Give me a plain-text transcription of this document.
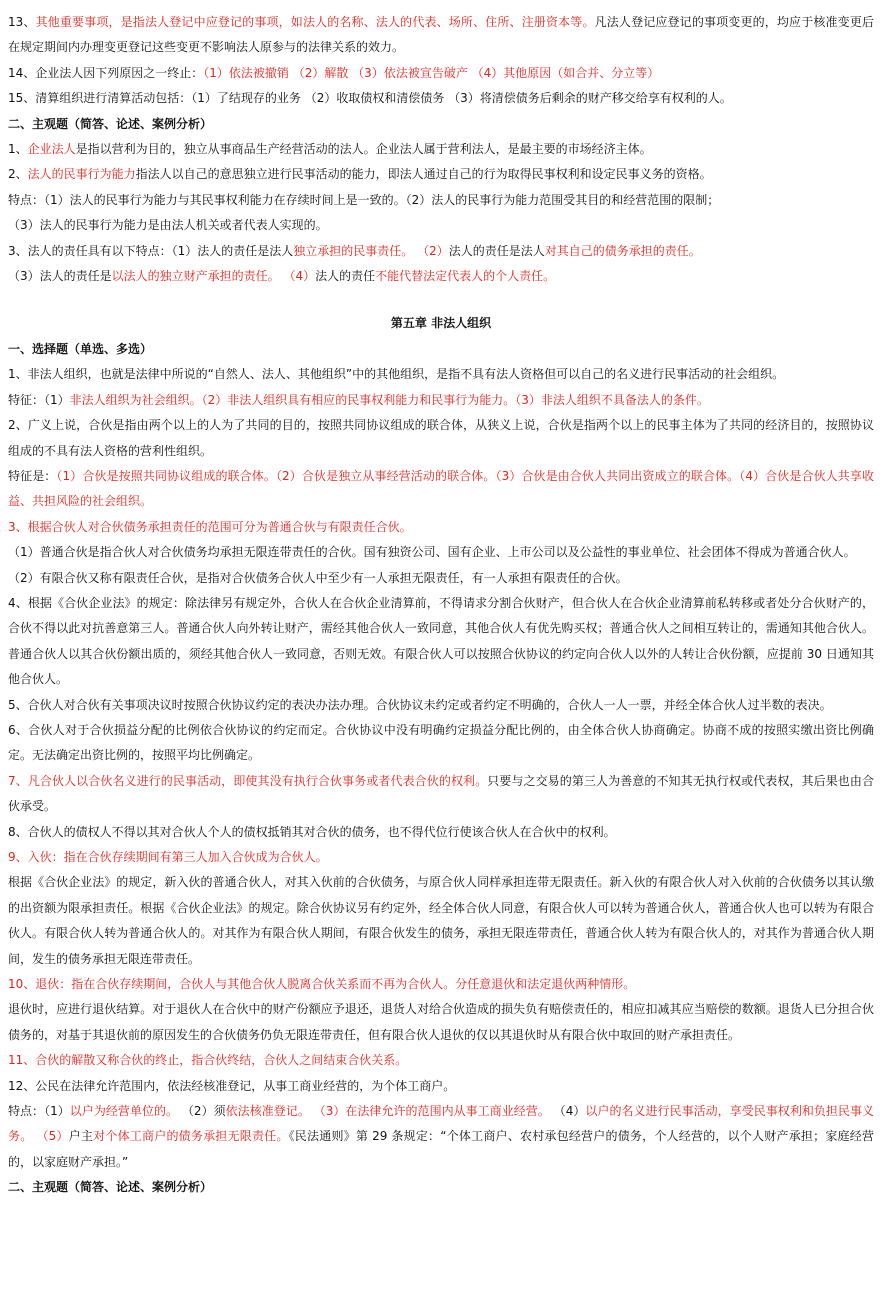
13、其他重要事项，是指法人登记中应登记的事项，如法人的名称、法人的代表、场所、住所、注册资本等。凡法人登记应登记的事项变更的，均应于核准变更后在规定期间内办理变更登记这些变更不影响法人原参与的法律关系的效力。

14、企业法人因下列原因之一终止：（1）依法被撤销 （2）解散 （3）依法被宣告破产 （4）其他原因（如合并、分立等）

15、清算组织进行清算活动包括：（1）了结现存的业务 （2）收取债权和清偿债务 （3）将清偿债务后剩余的财产移交给享有权利的人。

二、主观题（简答、论述、案例分析）

1、企业法人是指以营利为目的，独立从事商品生产经营活动的法人。企业法人属于营利法人，是最主要的市场经济主体。

2、法人的民事行为能力指法人以自己的意思独立进行民事活动的能力，即法人通过自己的行为取得民事权利和设定民事义务的资格。

特点：（1）法人的民事行为能力与其民事权利能力在存续时间上是一致的。（2）法人的民事行为能力范围受其目的和经营范围的限制；

（3）法人的民事行为能力是由法人机关或者代表人实现的。

3、法人的责任具有以下特点：（1）法人的责任是法人独立承担的民事责任。 （2）法人的责任是法人对其自己的债务承担的责任。

（3）法人的责任是以法人的独立财产承担的责任。 （4）法人的责任不能代替法定代表人的个人责任。

第五章 非法人组织

一、选择题（单选、多选）

1、非法人组织，也就是法律中所说的“自然人、法人、其他组织”中的其他组织，是指不具有法人资格但可以自己的名义进行民事活动的社会组织。

特征：（1）非法人组织为社会组织。（2）非法人组织具有相应的民事权利能力和民事行为能力。（3）非法人组织不具备法人的条件。

2、广义上说，合伙是指由两个以上的人为了共同的目的，按照共同协议组成的联合体，从狭义上说，合伙是指两个以上的民事主体为了共同的经济目的，按照协议组成的不具有法人资格的营利性组织。

特征是：（1）合伙是按照共同协议组成的联合体。（2）合伙是独立从事经营活动的联合体。（3）合伙是由合伙人共同出资成立的联合体。（4）合伙是合伙人共享收益、共担风险的社会组织。

3、根据合伙人对合伙债务承担责任的范围可分为普通合伙与有限责任合伙。

（1）普通合伙是指合伙人对合伙债务均承担无限连带责任的合伙。国有独资公司、国有企业、上市公司以及公益性的事业单位、社会团体不得成为普通合伙人。

（2）有限合伙又称有限责任合伙，是指对合伙债务合伙人中至少有一人承担无限责任，有一人承担有限责任的合伙。

4、根据《合伙企业法》的规定：除法律另有规定外，合伙人在合伙企业清算前，不得请求分割合伙财产，但合伙人在合伙企业清算前私转移或者处分合伙财产的，合伙不得以此对抗善意第三人。普通合伙人向外转让财产，需经其他合伙人一致同意，其他合伙人有优先购买权；普通合伙人之间相互转让的，需通知其他合伙人。普通合伙人以其合伙份额出质的，须经其他合伙人一致同意，否则无效。有限合伙人可以按照合伙协议的约定向合伙人以外的人转让合伙份额，应提前 30 日通知其他合伙人。

5、合伙人对合伙有关事项决议时按照合伙协议约定的表决办法办理。合伙协议未约定或者约定不明确的，合伙人一人一票，并经全体合伙人过半数的表决。

6、合伙人对于合伙损益分配的比例依合伙协议的约定而定。合伙协议中没有明确约定损益分配比例的，由全体合伙人协商确定。协商不成的按照实缴出资比例确定。无法确定出资比例的，按照平均比例确定。

7、凡合伙人以合伙名义进行的民事活动，即使其没有执行合伙事务或者代表合伙的权利。只要与之交易的第三人为善意的不知其无执行权或代表权，其后果也由合伙承受。

8、合伙人的债权人不得以其对合伙人个人的债权抵销其对合伙的债务，也不得代位行使该合伙人在合伙中的权利。

9、入伙：指在合伙存续期间有第三人加入合伙成为合伙人。

根据《合伙企业法》的规定，新入伙的普通合伙人，对其入伙前的合伙债务，与原合伙人同样承担连带无限责任。新入伙的有限合伙人对入伙前的合伙债务以其认缴的出资额为限承担责任。根据《合伙企业法》的规定。除合伙协议另有约定外，经全体合伙人同意，有限合伙人可以转为普通合伙人，普通合伙人也可以转为有限合伙人。有限合伙人转为普通合伙人的。对其作为有限合伙人期间，有限合伙发生的债务，承担无限连带责任，普通合伙人转为有限合伙人的，对其作为普通合伙人期间，发生的债务承担无限连带责任。

10、退伙：指在合伙存续期间，合伙人与其他合伙人脱离合伙关系而不再为合伙人。分任意退伙和法定退伙两种情形。

退伙时，应进行退伙结算。对于退伙人在合伙中的财产份额应予退还，退货人对给合伙造成的损失负有赔偿责任的，相应扣减其应当赔偿的数额。退货人已分担合伙债务的，对基于其退伙前的原因发生的合伙债务仍负无限连带责任，但有限合伙人退伙的仅以其退伙时从有限合伙中取回的财产承担责任。

11、合伙的解散又称合伙的终止，指合伙终结，合伙人之间结束合伙关系。

12、公民在法律允许范围内，依法经核准登记，从事工商业经营的，为个体工商户。

特点：（1）以户为经营单位的。 （2）须依法核准登记。 （3）在法律允许的范围内从事工商业经营。 （4）以户的名义进行民事活动，享受民事权利和负担民事义务。 （5）户主对个体工商户的债务承担无限责任。《民法通则》第 29 条规定：“个体工商户、农村承包经营户的债务，个人经营的，以个人财产承担；家庭经营的，以家庭财产承担。”

二、主观题（简答、论述、案例分析）
